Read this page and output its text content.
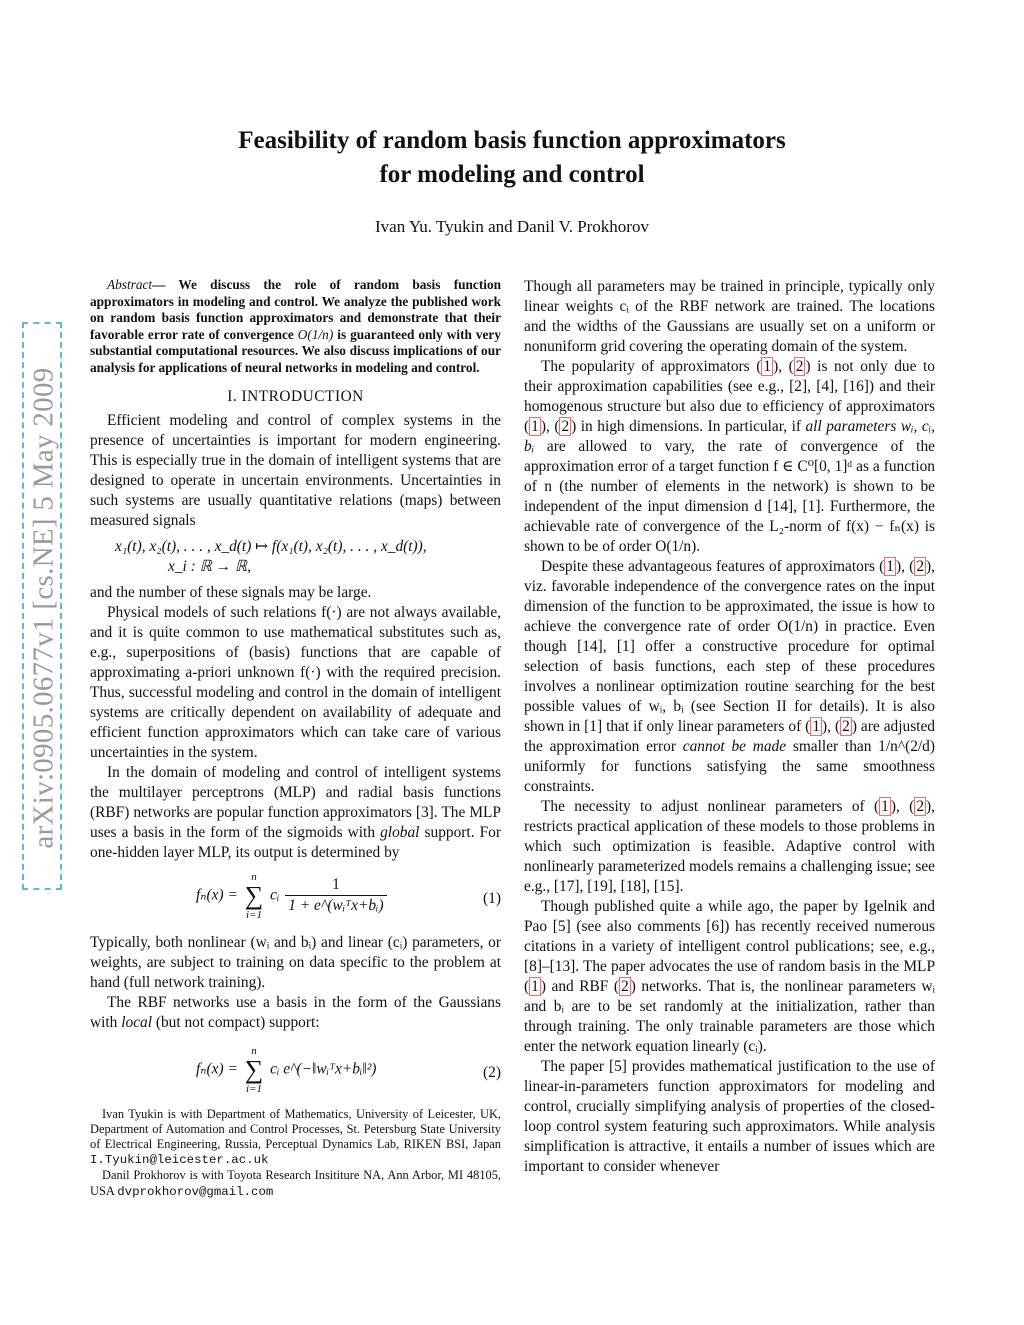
arXiv:0905.0677v1 [cs.NE] 5 May 2009
Feasibility of random basis function approximators
for modeling and control
Ivan Yu. Tyukin and Danil V. Prokhorov

Abstract— We discuss the role of random basis function approximators in modeling and control. We analyze the published work on random basis function approximators and demonstrate that their favorable error rate of convergence O(1/n) is guaranteed only with very substantial computational resources. We also discuss implications of our analysis for applications of neural networks in modeling and control.

I. INTRODUCTION

Efficient modeling and control of complex systems in the presence of uncertainties is important for modern engineering. This is especially true in the domain of intelligent systems that are designed to operate in uncertain environments. Uncertainties in such systems are usually quantitative relations (maps) between measured signals

x₁(t), x₂(t), . . . , x_d(t) ↦ f(x₁(t), x₂(t), . . . , x_d(t)),
x_i : ℝ → ℝ,

and the number of these signals may be large.

Physical models of such relations f(·) are not always available, and it is quite common to use mathematical substitutes such as, e.g., superpositions of (basis) functions that are capable of approximating a-priori unknown f(·) with the required precision. Thus, successful modeling and control in the domain of intelligent systems are critically dependent on availability of adequate and efficient function approximators which can take care of various uncertainties in the system.

In the domain of modeling and control of intelligent systems the multilayer perceptrons (MLP) and radial basis functions (RBF) networks are popular function approximators [3]. The MLP uses a basis in the form of the sigmoids with global support. For one-hidden layer MLP, its output is determined by

fₙ(x) = n
∑
i=1 cᵢ $\frac{1}{\text{1 + e\textasciicircum{}(wᵢᵀx+bᵢ)}}$	(1)

Typically, both nonlinear (wᵢ and bᵢ) and linear (cᵢ) parameters, or weights, are subject to training on data specific to the problem at hand (full network training).

The RBF networks use a basis in the form of the Gaussians with local (but not compact) support:

fₙ(x) = n
∑
i=1 cᵢ e^(−‖wᵢᵀx+bᵢ‖²)	(2)

Ivan Tyukin is with Department of Mathematics, University of Leicester, UK, Department of Automation and Control Processes, St. Petersburg State University of Electrical Engineering, Russia, Perceptual Dynamics Lab, RIKEN BSI, Japan I.Tyukin@leicester.ac.uk

Danil Prokhorov is with Toyota Research Insititure NA, Ann Arbor, MI 48105, USA dvprokhorov@gmail.com

Though all parameters may be trained in principle, typically only linear weights cᵢ of the RBF network are trained. The locations and the widths of the Gaussians are usually set on a uniform or nonuniform grid covering the operating domain of the system.

The popularity of approximators ( 1 ), ( 2 ) is not only due to their approximation capabilities (see e.g., [2], [4], [16]) and their homogenous structure but also due to efficiency of approximators ( 1 ), ( 2 ) in high dimensions. In particular, if all parameters wᵢ, cᵢ, bᵢ are allowed to vary, the rate of convergence of the approximation error of a target function f ∈ C⁰[0, 1]ᵈ as a function of n (the number of elements in the network) is shown to be independent of the input dimension d [14], [1]. Furthermore, the achievable rate of convergence of the L₂-norm of f(x) − fₙ(x) is shown to be of order O(1/n).

Despite these advantageous features of approximators ( 1 ), ( 2 ), viz. favorable independence of the convergence rates on the input dimension of the function to be approximated, the issue is how to achieve the convergence rate of order O(1/n) in practice. Even though [14], [1] offer a constructive procedure for optimal selection of basis functions, each step of these procedures involves a nonlinear optimization routine searching for the best possible values of wᵢ, bᵢ (see Section II for details). It is also shown in [1] that if only linear parameters of ( 1 ), ( 2 ) are adjusted the approximation error cannot be made smaller than 1/n^(2/d) uniformly for functions satisfying the same smoothness constraints.

The necessity to adjust nonlinear parameters of ( 1 ), ( 2 ), restricts practical application of these models to those problems in which such optimization is feasible. Adaptive control with nonlinearly parameterized models remains a challenging issue; see e.g., [17], [19], [18], [15].

Though published quite a while ago, the paper by Igelnik and Pao [5] (see also comments [6]) has recently received numerous citations in a variety of intelligent control publications; see, e.g., [8]–[13]. The paper advocates the use of random basis in the MLP ( 1 ) and RBF ( 2 ) networks. That is, the nonlinear parameters wᵢ and bᵢ are to be set randomly at the initialization, rather than through training. The only trainable parameters are those which enter the network equation linearly (cᵢ).

The paper [5] provides mathematical justification to the use of linear-in-parameters function approximators for modeling and control, crucially simplifying analysis of properties of the closed-loop control system featuring such approximators. While analysis simplification is attractive, it entails a number of issues which are important to consider whenever
